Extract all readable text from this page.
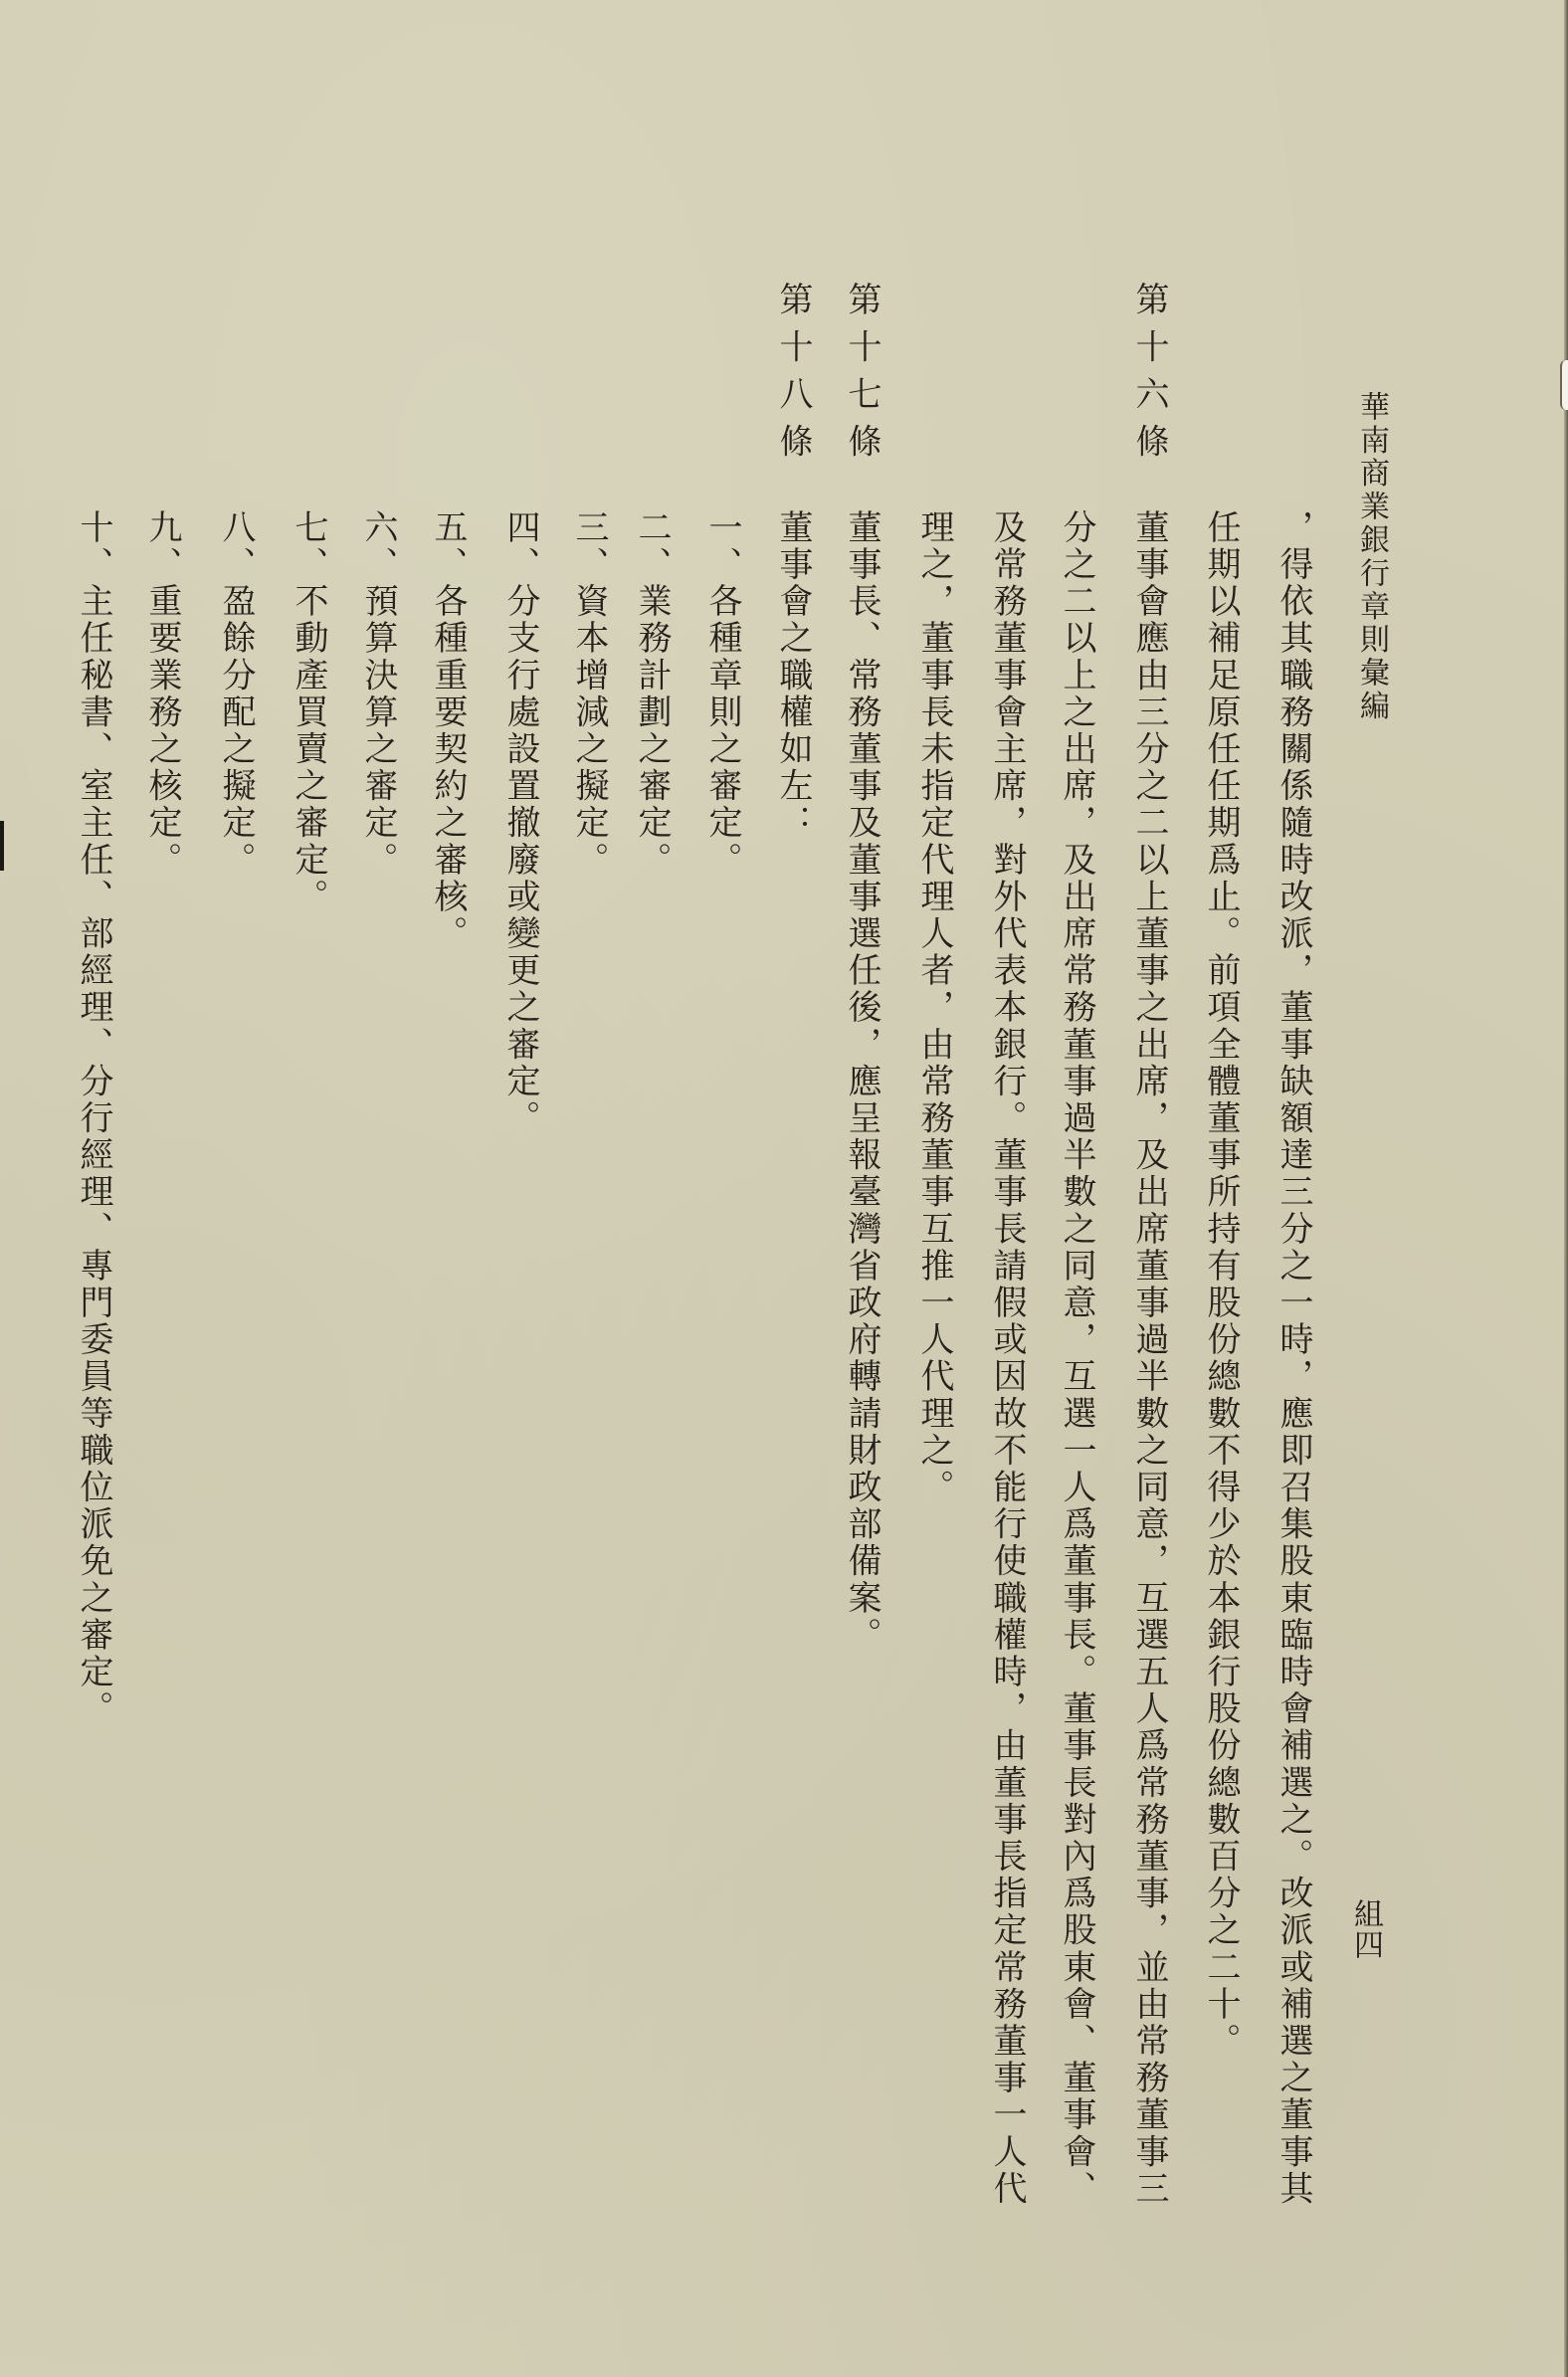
華南商業銀行章則彙編
組四
，得依其職務關係隨時改派，董事缺額達三分之一時，應即召集股東臨時會補選之。改派或補選之董事其
任期以補足原任任期爲止。前項全體董事所持有股份總數不得少於本銀行股份總數百分之二十。
第十六條
董事會應由三分之二以上董事之出席，及出席董事過半數之同意，互選五人爲常務董事，並由常務董事三
分之二以上之出席，及出席常務董事過半數之同意，互選一人爲董事長。董事長對內爲股東會、董事會、
及常務董事會主席，對外代表本銀行。董事長請假或因故不能行使職權時，由董事長指定常務董事一人代
理之，董事長未指定代理人者，由常務董事互推一人代理之。
第十七條
董事長、常務董事及董事選任後，應呈報臺灣省政府轉請財政部備案。
第十八條
董事會之職權如左：
一、各種章則之審定。
二、業務計劃之審定。
三、資本增減之擬定。
四、分支行處設置撤廢或變更之審定。
五、各種重要契約之審核。
六、預算決算之審定。
七、不動產買賣之審定。
八、盈餘分配之擬定。
九、重要業務之核定。
十、主任秘書、室主任、部經理、分行經理、專門委員等職位派免之審定。
